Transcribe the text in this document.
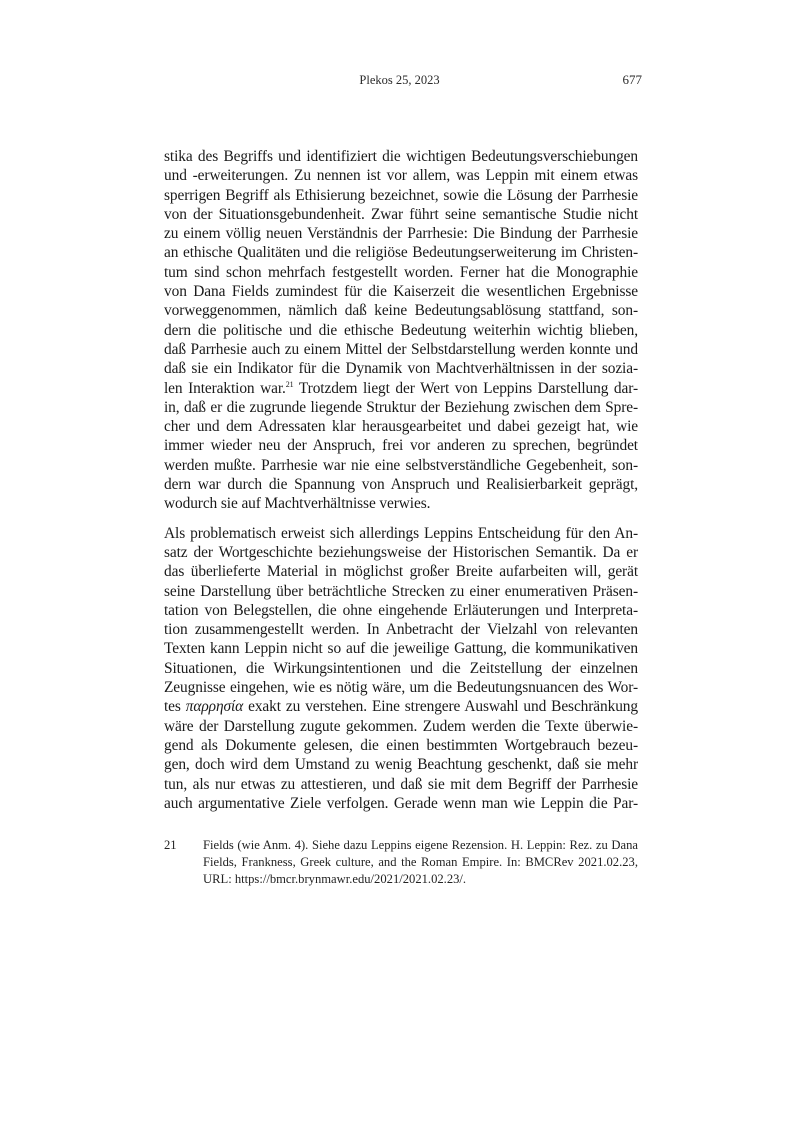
Plekos 25, 2023	677

stika des Begriffs und identifiziert die wichtigen Bedeutungsverschiebungen
und -erweiterungen. Zu nennen ist vor allem, was Leppin mit einem etwas
sperrigen Begriff als Ethisierung bezeichnet, sowie die Lösung der Parrhesie
von der Situationsgebundenheit. Zwar führt seine semantische Studie nicht
zu einem völlig neuen Verständnis der Parrhesie: Die Bindung der Parrhesie
an ethische Qualitäten und die religiöse Bedeutungserweiterung im Christen-
tum sind schon mehrfach festgestellt worden. Ferner hat die Monographie
von Dana Fields zumindest für die Kaiserzeit die wesentlichen Ergebnisse
vorweggenommen, nämlich daß keine Bedeutungsablösung stattfand, son-
dern die politische und die ethische Bedeutung weiterhin wichtig blieben,
daß Parrhesie auch zu einem Mittel der Selbstdarstellung werden konnte und
daß sie ein Indikator für die Dynamik von Machtverhältnissen in der sozia-
len Interaktion war.$^{21}$ Trotzdem liegt der Wert von Leppins Darstellung dar-
in, daß er die zugrunde liegende Struktur der Beziehung zwischen dem Spre-
cher und dem Adressaten klar herausgearbeitet und dabei gezeigt hat, wie
immer wieder neu der Anspruch, frei vor anderen zu sprechen, begründet
werden mußte. Parrhesie war nie eine selbstverständliche Gegebenheit, son-
dern war durch die Spannung von Anspruch und Realisierbarkeit geprägt,
wodurch sie auf Machtverhältnisse verwies.

Als problematisch erweist sich allerdings Leppins Entscheidung für den An-
satz der Wortgeschichte beziehungsweise der Historischen Semantik. Da er
das überlieferte Material in möglichst großer Breite aufarbeiten will, gerät
seine Darstellung über beträchtliche Strecken zu einer enumerativen Präsen-
tation von Belegstellen, die ohne eingehende Erläuterungen und Interpreta-
tion zusammengestellt werden. In Anbetracht der Vielzahl von relevanten
Texten kann Leppin nicht so auf die jeweilige Gattung, die kommunikativen
Situationen, die Wirkungsintentionen und die Zeitstellung der einzelnen
Zeugnisse eingehen, wie es nötig wäre, um die Bedeutungsnuancen des Wor-
tes παρρησία exakt zu verstehen. Eine strengere Auswahl und Beschränkung
wäre der Darstellung zugute gekommen. Zudem werden die Texte überwie-
gend als Dokumente gelesen, die einen bestimmten Wortgebrauch bezeu-
gen, doch wird dem Umstand zu wenig Beachtung geschenkt, daß sie mehr
tun, als nur etwas zu attestieren, und daß sie mit dem Begriff der Parrhesie
auch argumentative Ziele verfolgen. Gerade wenn man wie Leppin die Par-

21	Fields (wie Anm. 4). Siehe dazu Leppins eigene Rezension. H. Leppin: Rez. zu Dana
Fields, Frankness, Greek culture, and the Roman Empire. In: BMCRev 2021.02.23,
URL: https://bmcr.brynmawr.edu/2021/2021.02.23/.
